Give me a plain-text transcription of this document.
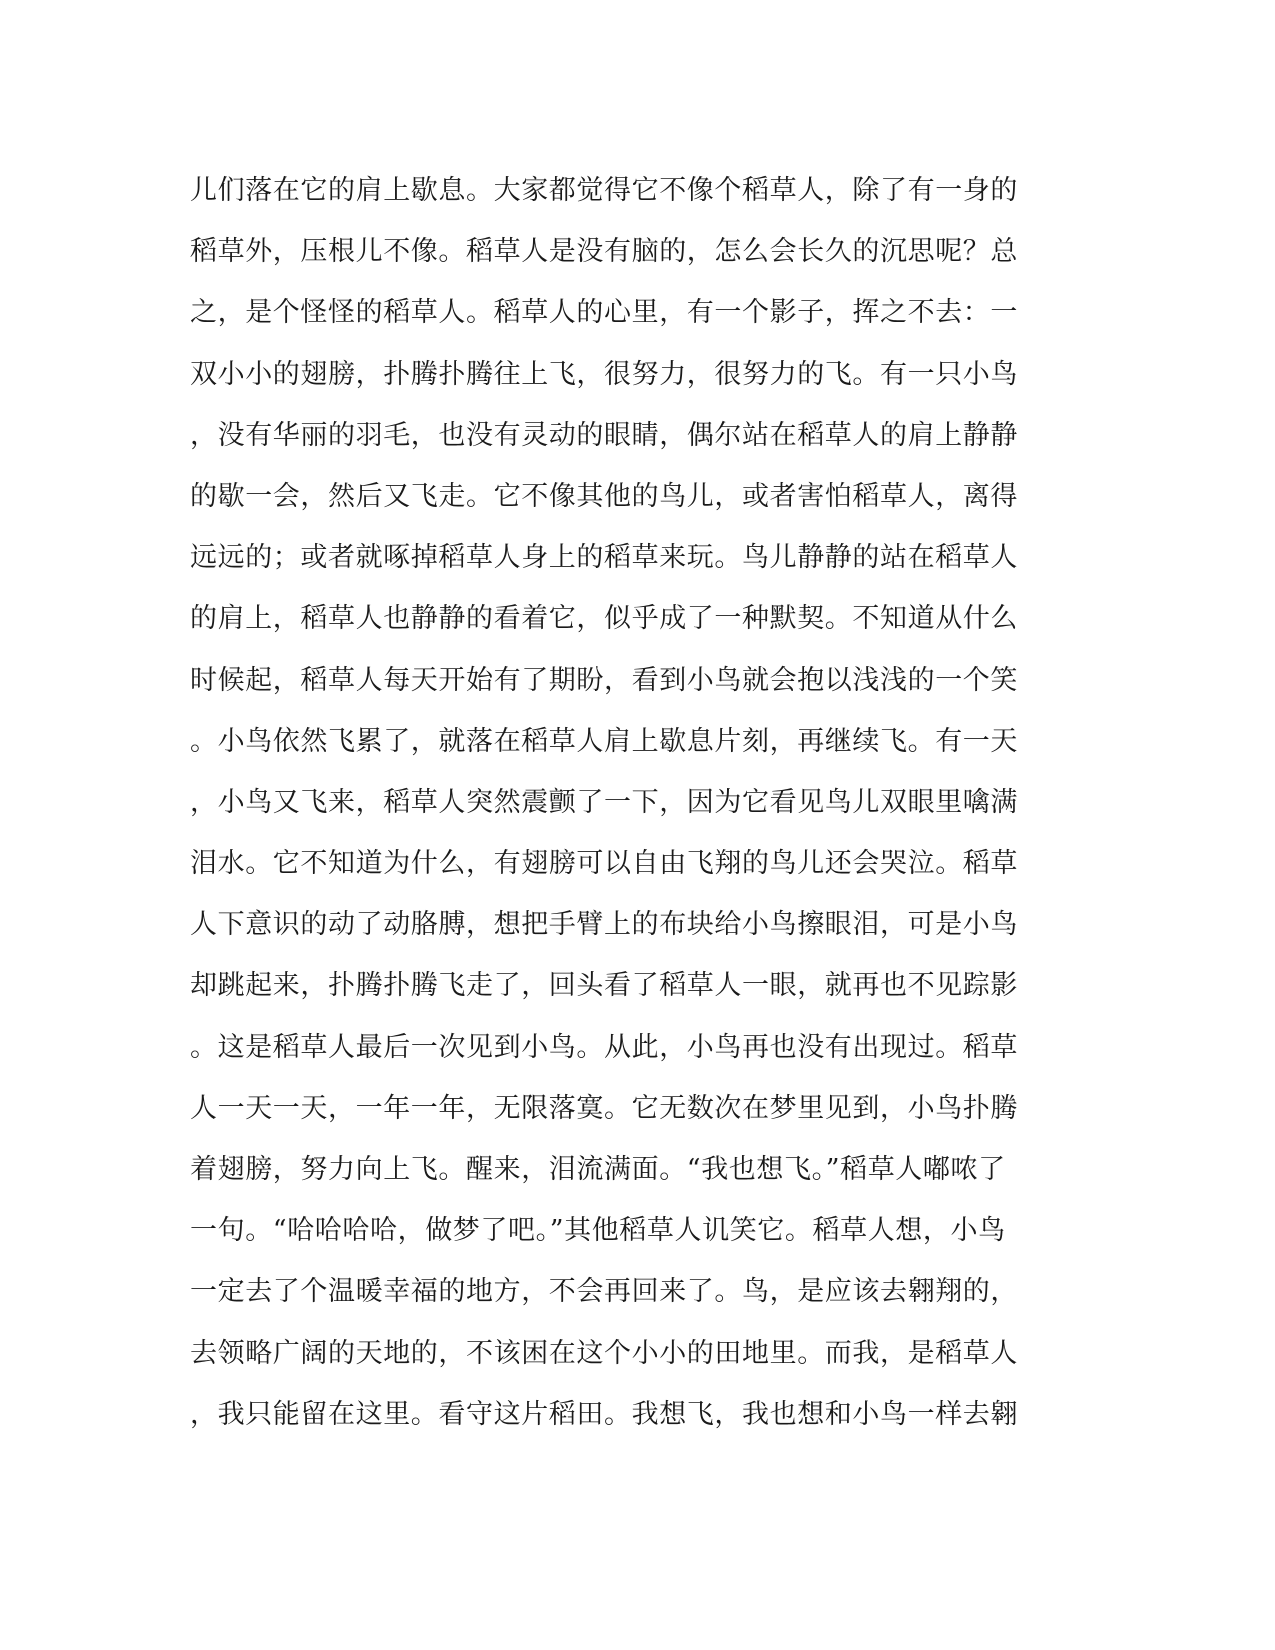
儿们落在它的肩上歇息。大家都觉得它不像个稻草人，除了有一身的
稻草外，压根儿不像。稻草人是没有脑的，怎么会长久的沉思呢？总
之，是个怪怪的稻草人。稻草人的心里，有一个影子，挥之不去：一
双小小的翅膀，扑腾扑腾往上飞，很努力，很努力的飞。有一只小鸟
，没有华丽的羽毛，也没有灵动的眼睛，偶尔站在稻草人的肩上静静
的歇一会，然后又飞走。它不像其他的鸟儿，或者害怕稻草人，离得
远远的；或者就啄掉稻草人身上的稻草来玩。鸟儿静静的站在稻草人
的肩上，稻草人也静静的看着它，似乎成了一种默契。不知道从什么
时候起，稻草人每天开始有了期盼，看到小鸟就会抱以浅浅的一个笑
。小鸟依然飞累了，就落在稻草人肩上歇息片刻，再继续飞。有一天
，小鸟又飞来，稻草人突然震颤了一下，因为它看见鸟儿双眼里噙满
泪水。它不知道为什么，有翅膀可以自由飞翔的鸟儿还会哭泣。稻草
人下意识的动了动胳膊，想把手臂上的布块给小鸟擦眼泪，可是小鸟
却跳起来，扑腾扑腾飞走了，回头看了稻草人一眼，就再也不见踪影
。这是稻草人最后一次见到小鸟。从此，小鸟再也没有出现过。稻草
人一天一天，一年一年，无限落寞。它无数次在梦里见到，小鸟扑腾
着翅膀，努力向上飞。醒来，泪流满面。“我也想飞。”稻草人嘟哝了
一句。“哈哈哈哈，做梦了吧。”其他稻草人讥笑它。稻草人想，小鸟
一定去了个温暖幸福的地方，不会再回来了。鸟，是应该去翱翔的，
去领略广阔的天地的，不该困在这个小小的田地里。而我，是稻草人
，我只能留在这里。看守这片稻田。我想飞，我也想和小鸟一样去翱
